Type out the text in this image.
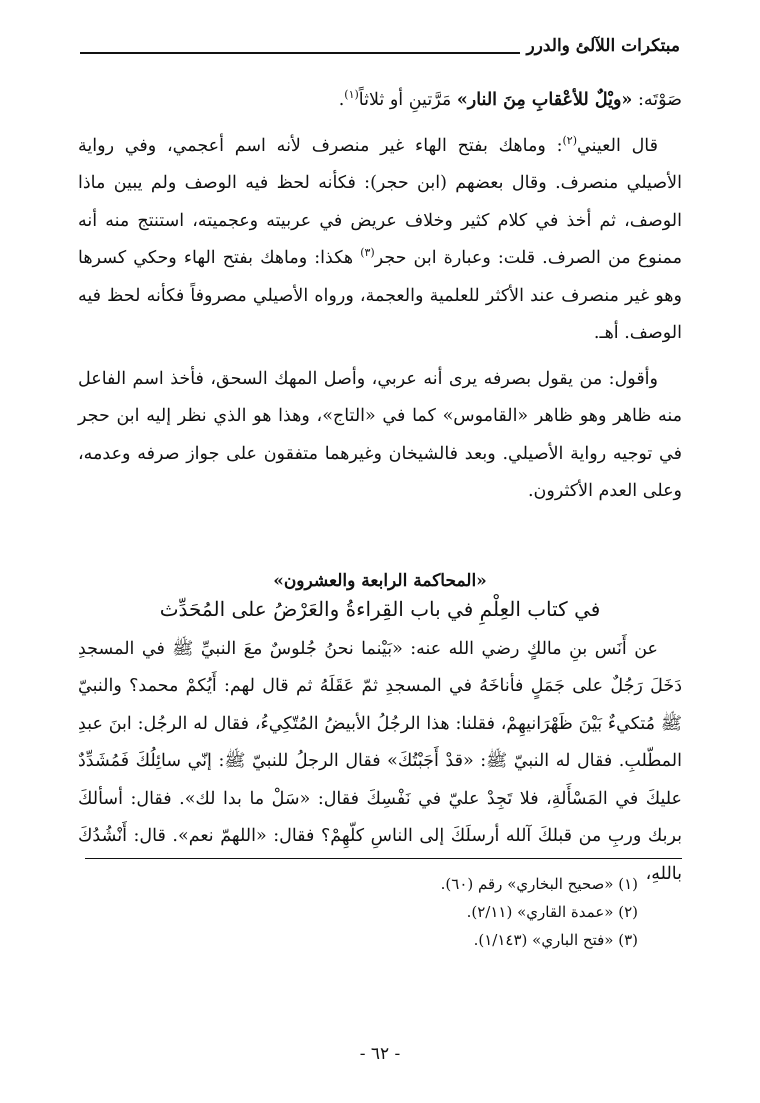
مبتكرات اللآلئ والدرر

صَوْتَه: «ويْلٌ للأعْقابِ مِنَ النار» مَرَّتينِ أو ثلاثاً$^{(١)}$.

قال العيني$^{(٢)}$: وماهك بفتح الهاء غير منصرف لأنه اسم أعجمي، وفي رواية الأصيلي منصرف. وقال بعضهم (ابن حجر): فكأنه لحظ فيه الوصف ولم يبين ماذا الوصف، ثم أخذ في كلام كثير وخلاف عريض في عربيته وعجميته، استنتج منه أنه ممنوع من الصرف. قلت: وعبارة ابن حجر$^{(٣)}$ هكذا: وماهك بفتح الهاء وحكي كسرها وهو غير منصرف عند الأكثر للعلمية والعجمة، ورواه الأصيلي مصروفاً فكأنه لحظ فيه الوصف. أهـ.

وأقول: من يقول بصرفه يرى أنه عربي، وأصل المهك السحق، فأخذ اسم الفاعل منه ظاهر وهو ظاهر «القاموس» كما في «التاج»، وهذا هو الذي نظر إليه ابن حجر في توجيه رواية الأصيلي. وبعد فالشيخان وغيرهما متفقون على جواز صرفه وعدمه، وعلى العدم الأكثرون.

«المحاكمة الرابعة والعشرون»
في كتاب العِلْمِ في باب القِراءةُ والعَرْضُ على المُحَدِّث

عن أَنَس بنِ مالكٍ رضي الله عنه: «بَيْنما نحنُ جُلوسٌ معَ النبيِّ ﷺ في المسجدِ دَخَلَ رَجُلٌ على جَمَلٍ فأناخَهُ في المسجدِ ثمّ عَقَلَهُ ثم قال لهم: أَيُكمْ محمد؟ والنبيّ ﷺ مُتكيءٌ بَيْنَ ظَهْرَانيهِمْ، فقلنا: هذا الرجُلُ الأبيضُ المُتّكِيءُ، فقال له الرجُل: ابنَ عبدِ المطّلبِ. فقال له النبيّ ﷺ: «قدْ أَجَبْتُكَ» فقال الرجلُ للنبيّ ﷺ: إنّي سائِلُكَ فَمُشَدِّدٌ عليكَ في المَسْأَلةِ، فلا تَجِدْ عليّ في نَفْسِكَ فقال: «سَلْ ما بدا لك». فقال: أسألكَ بربك وربِ من قبلكَ آلله أرسلَكَ إلى الناسِ كلّهِمْ؟ فقال: «اللهمّ نعم». قال: أَنْشُدُكَ باللهِ،

(١) «صحيح البخاري» رقم (٦٠).
(٢) «عمدة القاري» (٢/١١).
(٣) «فتح الباري» (١/١٤٣).
- ٦٢ -
